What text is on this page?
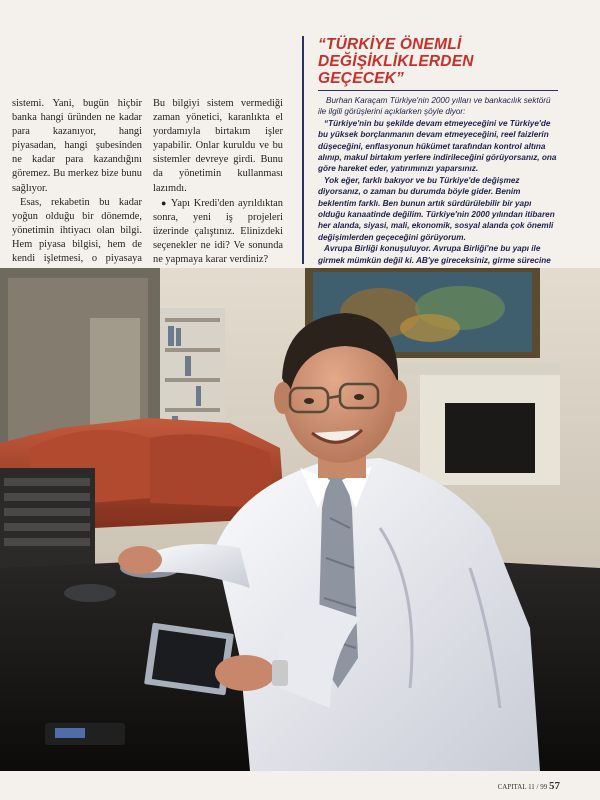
sistemi. Yani, bugün hiçbir banka hangi üründen ne kadar para kazanıyor, hangi piyasadan, hangi şubesinden ne kadar para kazandığını göremez. Bu merkez bize bunu sağlıyor.

Esas, rekabetin bu kadar yoğun olduğu bir dönemde, yönetimin ihtiyacı olan bilgi. Hem piyasa bilgisi, hem de kendi işletmesi, o piyasaya

Bu bilgiyi sistem vermediği zaman yönetici, karanlıkta el yordamıyla birtakım işler yapabilir. Onlar kuruldu ve bu sistemler devreye girdi. Bunu da yönetimin kullanması lazımdı.

● Yapı Kredi'den ayrıldıktan sonra, yeni iş projeleri üzerinde çalıştınız. Elinizdeki seçenekler ne idi? Ve sonunda ne yapmaya karar verdiniz?

“TÜRKİYE ÖNEMLİ
DEĞİŞİKLİKLERDEN GEÇECEK”

Burhan Karaçam Türkiye'nin 2000 yılları ve bankacılık sektörü ile ilgili görüşlerini açıklarken şöyle diyor:

“Türkiye'nin bu şekilde devam etmeyeceğini ve Türkiye'de bu yüksek borçlanmanın devam etmeyeceğini, reel faizlerin düşeceğini, enflasyonun hükümet tarafından kontrol altına alınıp, makul birtakım yerlere indirileceğini görüyorsanız, ona göre hareket eder, yatırımınızı yaparsınız.

Yok eğer, farklı bakıyor ve bu Türkiye'de değişmez diyorsanız, o zaman bu durumda böyle gider. Benim beklentim farklı. Ben bunun artık sürdürülebilir bir yapı olduğu kanaatinde değilim. Türkiye'nin 2000 yılından itibaren her alanda, siyasi, mali, ekonomik, sosyal alanda çok önemli değişimlerden geçeceğini görüyorum.

Avrupa Birliği konuşuluyor. Avrupa Birliği'ne bu yapı ile girmek mümkün değil ki. AB'ye gireceksiniz, girme sürecine

CAPITAL 11 / 99 57
